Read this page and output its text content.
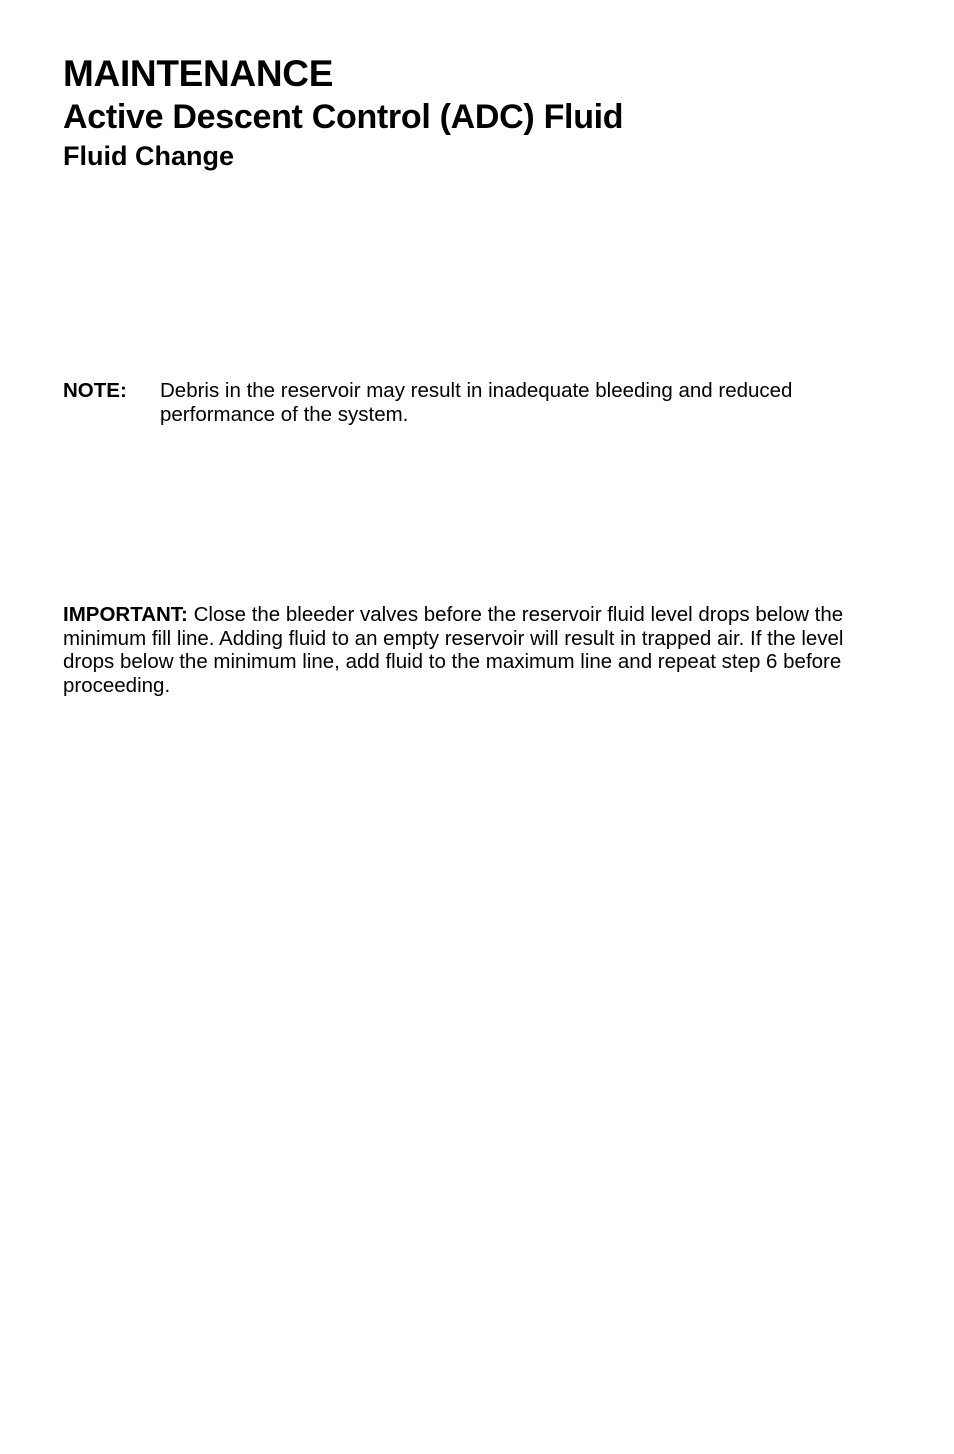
MAINTENANCE
Active Descent Control (ADC) Fluid
Fluid Change
NOTE: Debris in the reservoir may result in inadequate bleeding and reduced performance of the system.
IMPORTANT: Close the bleeder valves before the reservoir fluid level drops below the minimum fill line. Adding fluid to an empty reservoir will result in trapped air. If the level drops below the minimum line, add fluid to the maximum line and repeat step 6 before proceeding.
